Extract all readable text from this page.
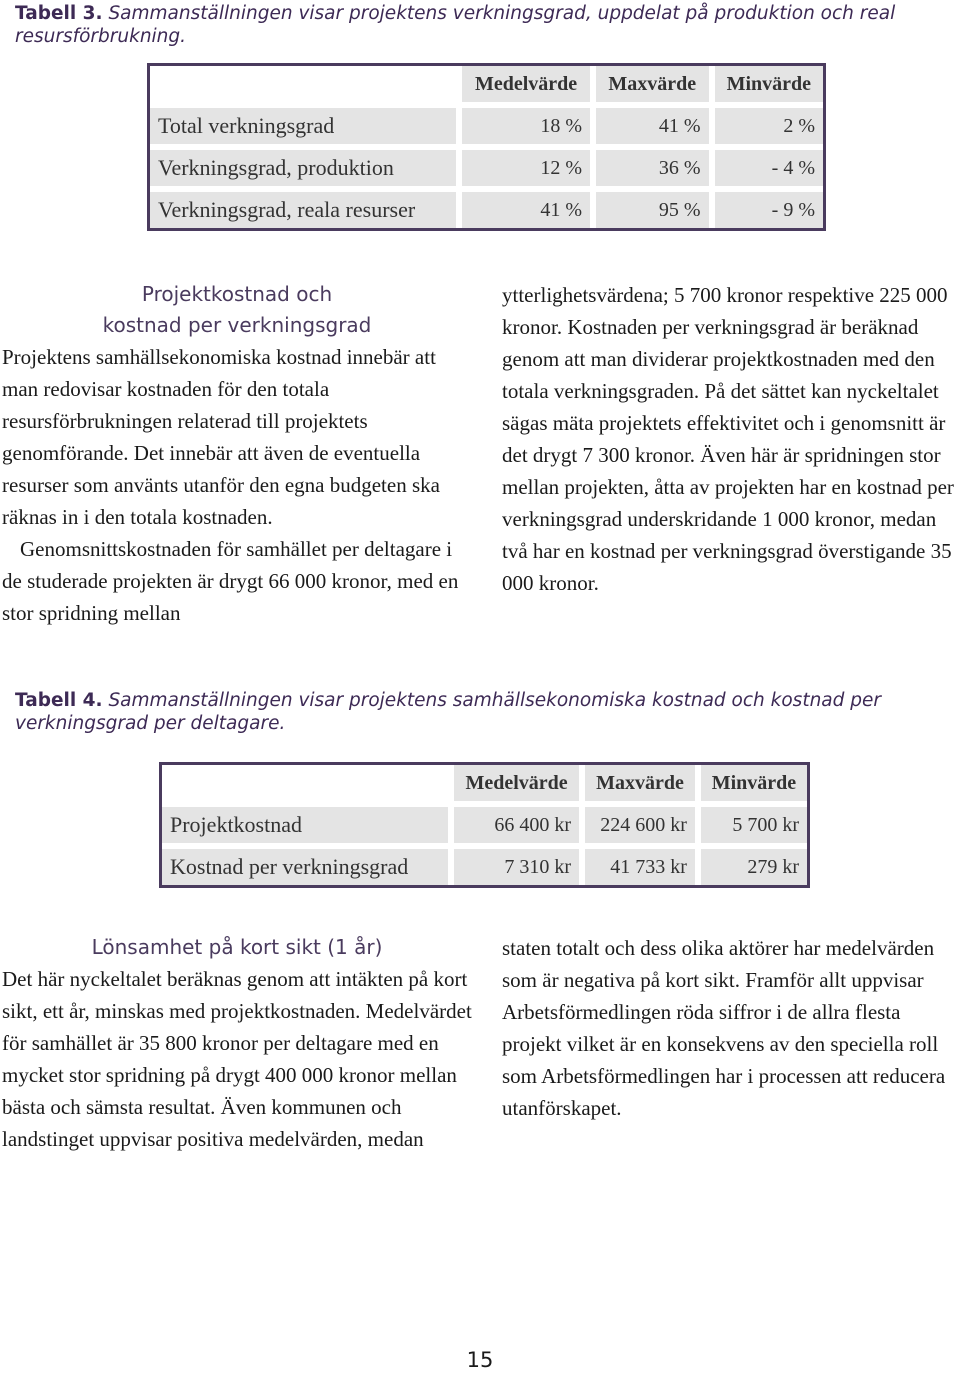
Tabell 3. Sammanställningen visar projektens verkningsgrad, uppdelat på produktion och real resursförbrukning.
	Medelvärde	Maxvärde	Minvärde
Total verkningsgrad	18 %	41 %	2 %
Verkningsgrad, produktion	12 %	36 %	- 4 %
Verkningsgrad, reala resurser	41 %	95 %	- 9 %
Projektkostnad och
kostnad per verkningsgrad

Projektens samhällsekonomiska kostnad innebär att man redovisar kostnaden för den totala resursförbrukningen relaterad till projektets genomförande. Det innebär att även de eventuella resurser som använts utanför den egna budgeten ska räknas in i den totala kostnaden.

Genomsnittskostnaden för samhället per deltagare i de studerade projekten är drygt 66 000 kronor, med en stor spridning mellan

ytterlighetsvärdena; 5 700 kronor respektive 225 000 kronor. Kostnaden per verkningsgrad är beräknad genom att man dividerar projektkostnaden med den totala verkningsgraden. På det sättet kan nyckeltalet sägas mäta projektets effektivitet och i genomsnitt är det drygt 7 300 kronor. Även här är spridningen stor mellan projekten, åtta av projekten har en kostnad per verkningsgrad underskridande 1 000 kronor, medan två har en kostnad per verkningsgrad överstigande 35 000 kronor.

Tabell 4. Sammanställningen visar projektens samhällsekonomiska kostnad och kostnad per verkningsgrad per deltagare.
	Medelvärde	Maxvärde	Minvärde
Projektkostnad	66 400 kr	224 600 kr	5 700 kr
Kostnad per verkningsgrad	7 310 kr	41 733 kr	279 kr
Lönsamhet på kort sikt (1 år)

Det här nyckeltalet beräknas genom att intäkten på kort sikt, ett år, minskas med projektkostnaden. Medelvärdet för samhället är 35 800 kronor per deltagare med en mycket stor spridning på drygt 400 000 kronor mellan bästa och sämsta resultat. Även kommunen och landstinget uppvisar positiva medelvärden, medan

staten totalt och dess olika aktörer har medelvärden som är negativa på kort sikt. Framför allt uppvisar Arbetsförmedlingen röda siffror i de allra flesta projekt vilket är en konsekvens av den speciella roll som Arbetsförmedlingen har i processen att reducera utanförskapet.

15
